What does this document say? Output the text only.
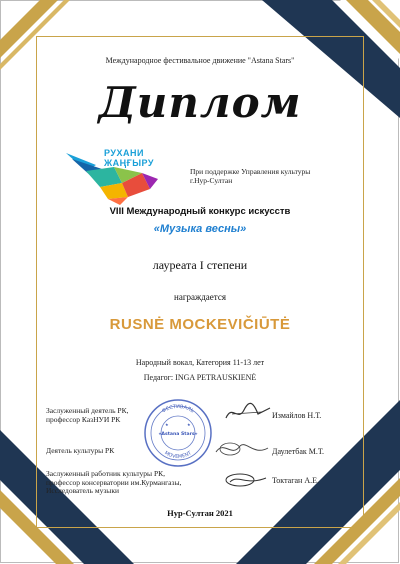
Международное фестивальное движение "Astana Stars"
Диплом
РУХАНИ
ЖАҢҒЫРУ
При поддержке Управления культуры
г.Нур-Султан
VIII Международный конкурс искусств
«Музыка весны»
лауреата I степени
награждается
RUSNĖ MOCKEVIČIŪTĖ
Народный вокал, Категория 11-13 лет
Педагог: INGA PETRAUSKIENĖ
ФЕСТИВАЛЬ
MOVEMENT
«Astana Stars»
★	★
Заслуженный деятель РК,
профессор КазНУИ РК	Измайлов Н.Т.
Деятель культуры РК	Даулетбак М.Т.
Заслуженный работник культуры РК,
профессор консерватории им.Курмангазы,
Исследователь музыки
Токтаган А.Е.
Нур-Султан 2021
